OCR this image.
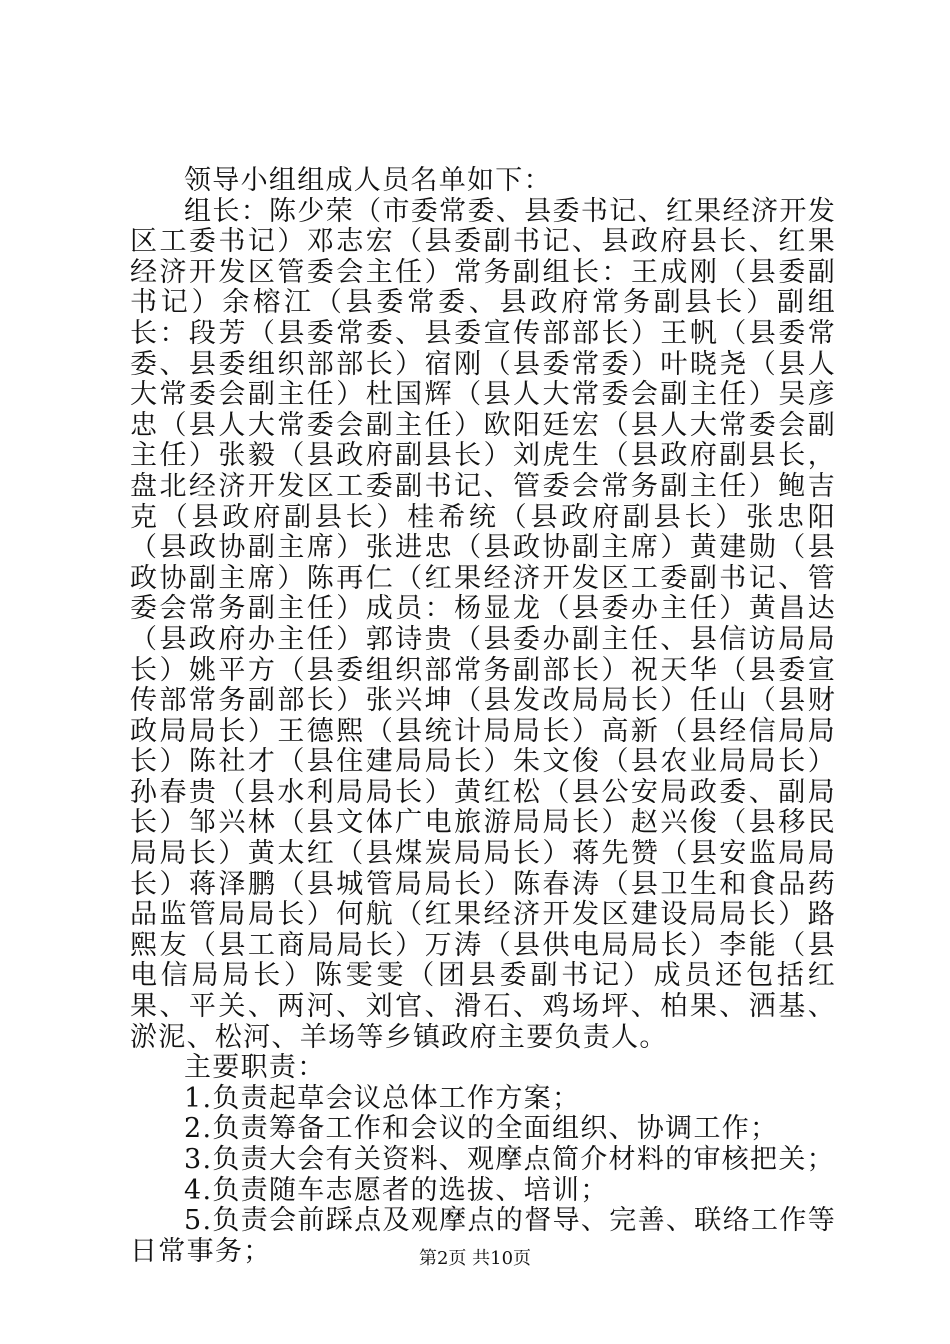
领导小组组成人员名单如下：

组长：陈少荣（市委常委、县委书记、红果经济开发区工委书记）邓志宏（县委副书记、县政府县长、红果经济开发区管委会主任）常务副组长：王成刚（县委副书记）余榕江（县委常委、县政府常务副县长）副组长：段芳（县委常委、县委宣传部部长）王帆（县委常委、县委组织部部长）宿刚（县委常委）叶晓尧（县人大常委会副主任）杜国辉（县人大常委会副主任）吴彦忠（县人大常委会副主任）欧阳廷宏（县人大常委会副主任）张毅（县政府副县长）刘虎生（县政府副县长，盘北经济开发区工委副书记、管委会常务副主任）鲍吉克（县政府副县长）桂希统（县政府副县长）张忠阳（县政协副主席）张进忠（县政协副主席）黄建勋（县政协副主席）陈再仁（红果经济开发区工委副书记、管委会常务副主任）成员：杨显龙（县委办主任）黄昌达（县政府办主任）郭诗贵（县委办副主任、县信访局局长）姚平方（县委组织部常务副部长）祝天华（县委宣传部常务副部长）张兴坤（县发改局局长）任山（县财政局局长）王德熙（县统计局局长）高新（县经信局局长）陈社才（县住建局局长）朱文俊（县农业局局长）孙春贵（县水利局局长）黄红松（县公安局政委、副局长）邹兴林（县文体广电旅游局局长）赵兴俊（县移民局局长）黄太红（县煤炭局局长）蒋先赞（县安监局局长）蒋泽鹏（县城管局局长）陈春涛（县卫生和食品药品监管局局长）何航（红果经济开发区建设局局长）路熙友（县工商局局长）万涛（县供电局局长）李能（县电信局局长）陈雯雯（团县委副书记）成员还包括红果、平关、两河、刘官、滑石、鸡场坪、柏果、洒基、淤泥、松河、羊场等乡镇政府主要负责人。

主要职责：

1.负责起草会议总体工作方案；

2.负责筹备工作和会议的全面组织、协调工作；

3.负责大会有关资料、观摩点简介材料的审核把关；

4.负责随车志愿者的选拔、培训；

5.负责会前踩点及观摩点的督导、完善、联络工作等日常事务；	第2页 共10页
